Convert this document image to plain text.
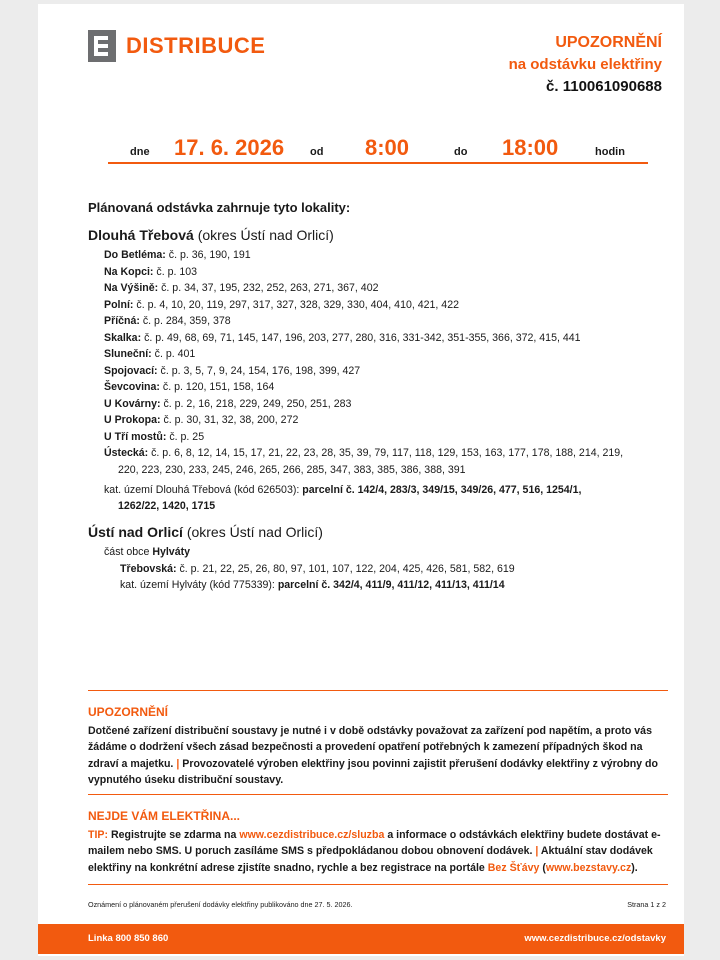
DISTRIBUCE	UPOZORNĚNÍ
na odstávku elektřiny
č. 110061090688
dne 17. 6. 2026 od 8:00	do 18:00	hodin
Plánovaná odstávka zahrnuje tyto lokality:
Dlouhá Třebová (okres Ústí nad Orlicí)
Do Betléma: č. p. 36, 190, 191
Na Kopci: č. p. 103
Na Výšině: č. p. 34, 37, 195, 232, 252, 263, 271, 367, 402
Polní: č. p. 4, 10, 20, 119, 297, 317, 327, 328, 329, 330, 404, 410, 421, 422
Příčná: č. p. 284, 359, 378
Skalka: č. p. 49, 68, 69, 71, 145, 147, 196, 203, 277, 280, 316, 331-342, 351-355, 366, 372, 415, 441
Sluneční: č. p. 401
Spojovací: č. p. 3, 5, 7, 9, 24, 154, 176, 198, 399, 427
Ševcovina: č. p. 120, 151, 158, 164
U Kovárny: č. p. 2, 16, 218, 229, 249, 250, 251, 283
U Prokopa: č. p. 30, 31, 32, 38, 200, 272
U Tří mostů: č. p. 25
Ústecká: č. p. 6, 8, 12, 14, 15, 17, 21, 22, 23, 28, 35, 39, 79, 117, 118, 129, 153, 163, 177, 178, 188, 214, 219,
220, 223, 230, 233, 245, 246, 265, 266, 285, 347, 383, 385, 386, 388, 391
kat. území Dlouhá Třebová (kód 626503): parcelní č. 142/4, 283/3, 349/15, 349/26, 477, 516, 1254/1,
1262/22, 1420, 1715
Ústí nad Orlicí (okres Ústí nad Orlicí)
část obce Hylváty
Třebovská: č. p. 21, 22, 25, 26, 80, 97, 101, 107, 122, 204, 425, 426, 581, 582, 619
kat. území Hylváty (kód 775339): parcelní č. 342/4, 411/9, 411/12, 411/13, 411/14
UPOZORNĚNÍ
Dotčené zařízení distribuční soustavy je nutné i v době odstávky považovat za zařízení pod napětím, a proto vás žádáme o dodržení všech zásad bezpečnosti a provedení opatření potřebných k zamezení případných škod na zdraví a majetku. | Provozovatelé výroben elektřiny jsou povinni zajistit přerušení dodávky elektřiny z výrobny do vypnutého úseku distribuční soustavy.
NEJDE VÁM ELEKTŘINA...
TIP: Registrujte se zdarma na www.cezdistribuce.cz/sluzba a informace o odstávkách elektřiny budete dostávat e-mailem nebo SMS. U poruch zasíláme SMS s předpokládanou dobou obnovení dodávek. | Aktuální stav dodávek elektřiny na konkrétní adrese zjistíte snadno, rychle a bez registrace na portále Bez Šťávy (www.bezstavy.cz).
Oznámení o plánovaném přerušení dodávky elektřiny publikováno dne 27. 5. 2026.	Strana 1 z 2
Linka 800 850 860	www.cezdistribuce.cz/odstavky
